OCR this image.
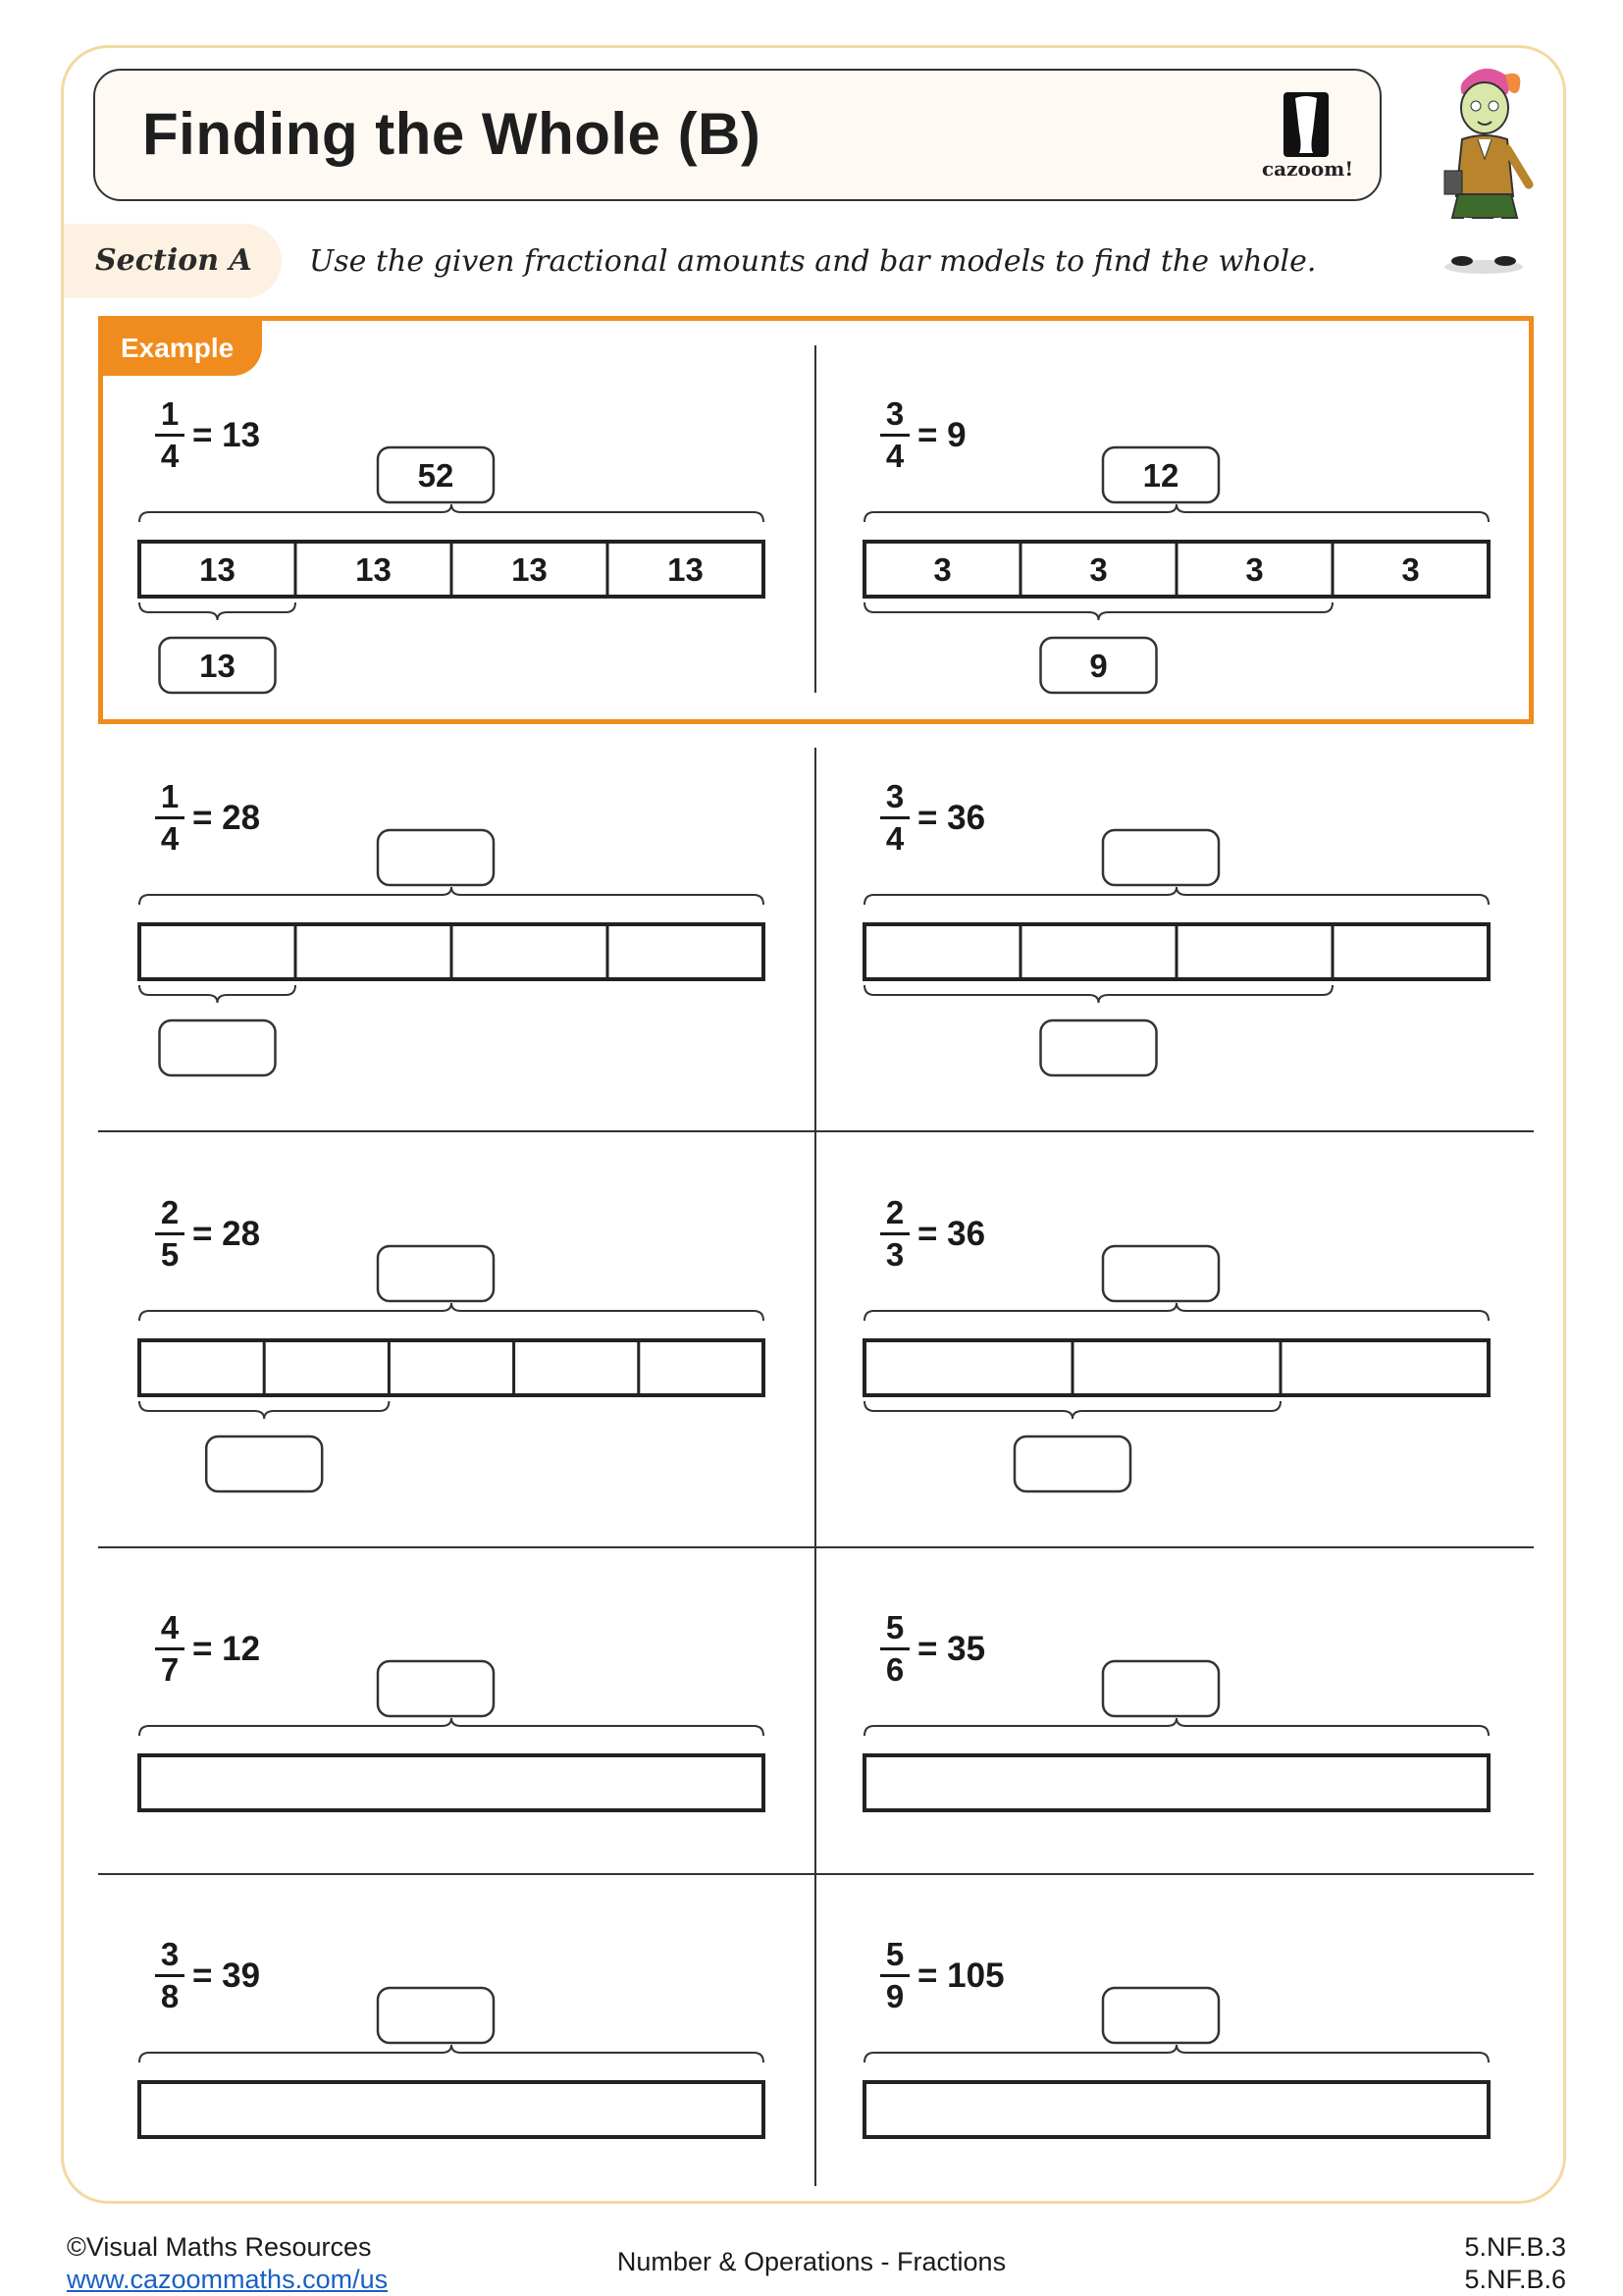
Finding the Whole (B)
cazoom!
Section A	Use the given fractional amounts and bar models to find the whole.
Example
1
4
= 13
52
13	13	13	13
13
3
4
= 9
12
3	3	3	3
9
1
4
= 28
3
4
= 36
2
5
= 28
2
3
= 36
4
7
= 12
5
6
= 35
3
8
= 39
5
9
= 105
©Visual Maths Resources
www.cazoommaths.com/us
Number & Operations - Fractions	5.NF.B.3
5.NF.B.6
